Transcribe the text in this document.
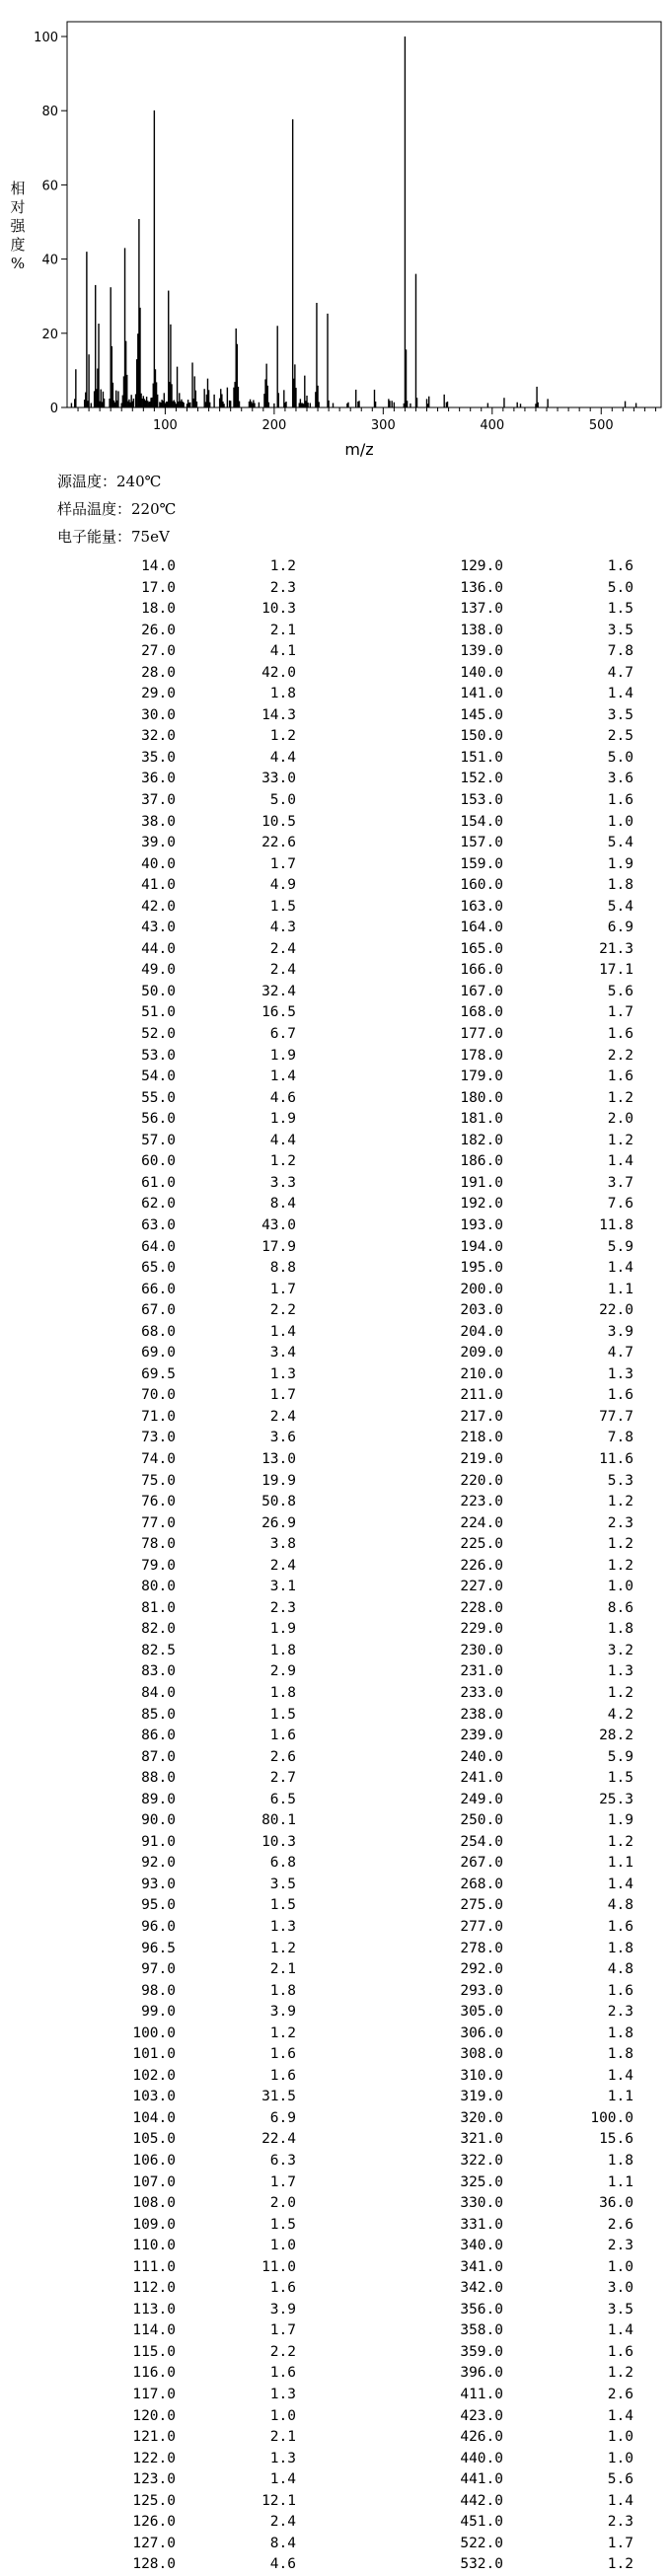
0
20
40
60
80
100
100	200	300	400	500
m/z
相
对
强
度
%
源温度：240℃
样品温度：220℃
电子能量：75eV
14.0	1.2
17.0	2.3
18.0	10.3
26.0	2.1
27.0	4.1
28.0	42.0
29.0	1.8
30.0	14.3
32.0	1.2
35.0	4.4
36.0	33.0
37.0	5.0
38.0	10.5
39.0	22.6
40.0	1.7
41.0	4.9
42.0	1.5
43.0	4.3
44.0	2.4
49.0	2.4
50.0	32.4
51.0	16.5
52.0	6.7
53.0	1.9
54.0	1.4
55.0	4.6
56.0	1.9
57.0	4.4
60.0	1.2
61.0	3.3
62.0	8.4
63.0	43.0
64.0	17.9
65.0	8.8
66.0	1.7
67.0	2.2
68.0	1.4
69.0	3.4
69.5	1.3
70.0	1.7
71.0	2.4
73.0	3.6
74.0	13.0
75.0	19.9
76.0	50.8
77.0	26.9
78.0	3.8
79.0	2.4
80.0	3.1
81.0	2.3
82.0	1.9
82.5	1.8
83.0	2.9
84.0	1.8
85.0	1.5
86.0	1.6
87.0	2.6
88.0	2.7
89.0	6.5
90.0	80.1
91.0	10.3
92.0	6.8
93.0	3.5
95.0	1.5
96.0	1.3
96.5	1.2
97.0	2.1
98.0	1.8
99.0	3.9
100.0	1.2
101.0	1.6
102.0	1.6
103.0	31.5
104.0	6.9
105.0	22.4
106.0	6.3
107.0	1.7
108.0	2.0
109.0	1.5
110.0	1.0
111.0	11.0
112.0	1.6
113.0	3.9
114.0	1.7
115.0	2.2
116.0	1.6
117.0	1.3
120.0	1.0
121.0	2.1
122.0	1.3
123.0	1.4
125.0	12.1
126.0	2.4
127.0	8.4
128.0	4.6
129.0	1.6
136.0	5.0
137.0	1.5
138.0	3.5
139.0	7.8
140.0	4.7
141.0	1.4
145.0	3.5
150.0	2.5
151.0	5.0
152.0	3.6
153.0	1.6
154.0	1.0
157.0	5.4
159.0	1.9
160.0	1.8
163.0	5.4
164.0	6.9
165.0	21.3
166.0	17.1
167.0	5.6
168.0	1.7
177.0	1.6
178.0	2.2
179.0	1.6
180.0	1.2
181.0	2.0
182.0	1.2
186.0	1.4
191.0	3.7
192.0	7.6
193.0	11.8
194.0	5.9
195.0	1.4
200.0	1.1
203.0	22.0
204.0	3.9
209.0	4.7
210.0	1.3
211.0	1.6
217.0	77.7
218.0	7.8
219.0	11.6
220.0	5.3
223.0	1.2
224.0	2.3
225.0	1.2
226.0	1.2
227.0	1.0
228.0	8.6
229.0	1.8
230.0	3.2
231.0	1.3
233.0	1.2
238.0	4.2
239.0	28.2
240.0	5.9
241.0	1.5
249.0	25.3
250.0	1.9
254.0	1.2
267.0	1.1
268.0	1.4
275.0	4.8
277.0	1.6
278.0	1.8
292.0	4.8
293.0	1.6
305.0	2.3
306.0	1.8
308.0	1.8
310.0	1.4
319.0	1.1
320.0	100.0
321.0	15.6
322.0	1.8
325.0	1.1
330.0	36.0
331.0	2.6
340.0	2.3
341.0	1.0
342.0	3.0
356.0	3.5
358.0	1.4
359.0	1.6
396.0	1.2
411.0	2.6
423.0	1.4
426.0	1.0
440.0	1.0
441.0	5.6
442.0	1.4
451.0	2.3
522.0	1.7
532.0	1.2
